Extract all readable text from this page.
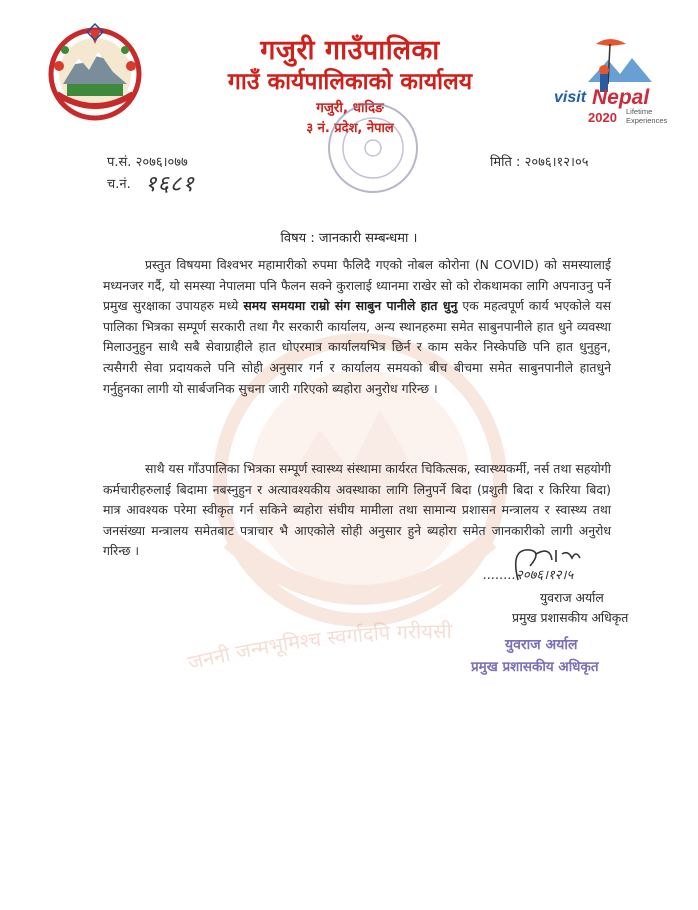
गजुरी गाउँपालिका
गाउँ कार्यपालिकाको कार्यालय
गजुरी, धादिङ
३ नं. प्रदेश, नेपाल
visit Nepal
2020 Lifetime
Experiences
प.सं. २०७६।०७७
च.नं. १६८१
मिति : २०७६।१२।०५
जननी जन्मभूमिश्च स्वर्गादपि गरीयसी
विषय : जानकारी सम्बन्धमा ।
प्रस्तुत विषयमा विश्वभर महामारीको रुपमा फैलिदै गएको नोबल कोरोना (N COVID) को समस्यालाई मध्यनजर गर्दै, यो समस्या नेपालमा पनि फैलन सक्ने कुरालाई ध्यानमा राखेर सो को रोकथामका लागि अपनाउनु पर्ने प्रमुख सुरक्षाका उपायहरु मध्ये समय समयमा राम्रो संग साबुन पानीले हात धुनु एक महत्वपूर्ण कार्य भएकोले यस पालिका भित्रका सम्पूर्ण सरकारी तथा गैर सरकारी कार्यालय, अन्य स्थानहरुमा समेत साबुनपानीले हात धुने व्यवस्था मिलाउनुहुन साथै सबै सेवाग्राहीले हात धोएरमात्र कार्यालयभित्र छिर्न र काम सकेर निस्केपछि पनि हात धुनुहुन, त्यसैगरी सेवा प्रदायकले पनि सोही अनुसार गर्न र कार्यालय समयको बीच बीचमा समेत साबुनपानीले हातधुने गर्नुहुनका लागी यो सार्बजनिक सुचना जारी गरिएको ब्यहोरा अनुरोध गरिन्छ ।
साथै यस गाँउपालिका भित्रका सम्पूर्ण स्वास्थ्य संस्थामा कार्यरत चिकित्सक, स्वास्थ्यकर्मी, नर्स तथा सहयोगी कर्मचारीहरुलाई बिदामा नबस्नुहुन र अत्यावश्यकीय अवस्थाका लागि लिनुपर्ने बिदा (प्रशुती बिदा र किरिया बिदा) मात्र आवश्यक परेमा स्वीकृत गर्न सकिने ब्यहोरा संघीय मामीला तथा सामान्य प्रशासन मन्त्रालय र स्वास्थ्य तथा जनसंख्या मन्त्रालय समेतबाट पत्राचार भै आएकोले सोही अनुसार हुने ब्यहोरा समेत जानकारीको लागी अनुरोध गरिन्छ ।
........२०७६।१२।५
युवराज अर्याल
प्रमुख प्रशासकीय अधिकृत
युवराज अर्याल
प्रमुख प्रशासकीय अधिकृत
